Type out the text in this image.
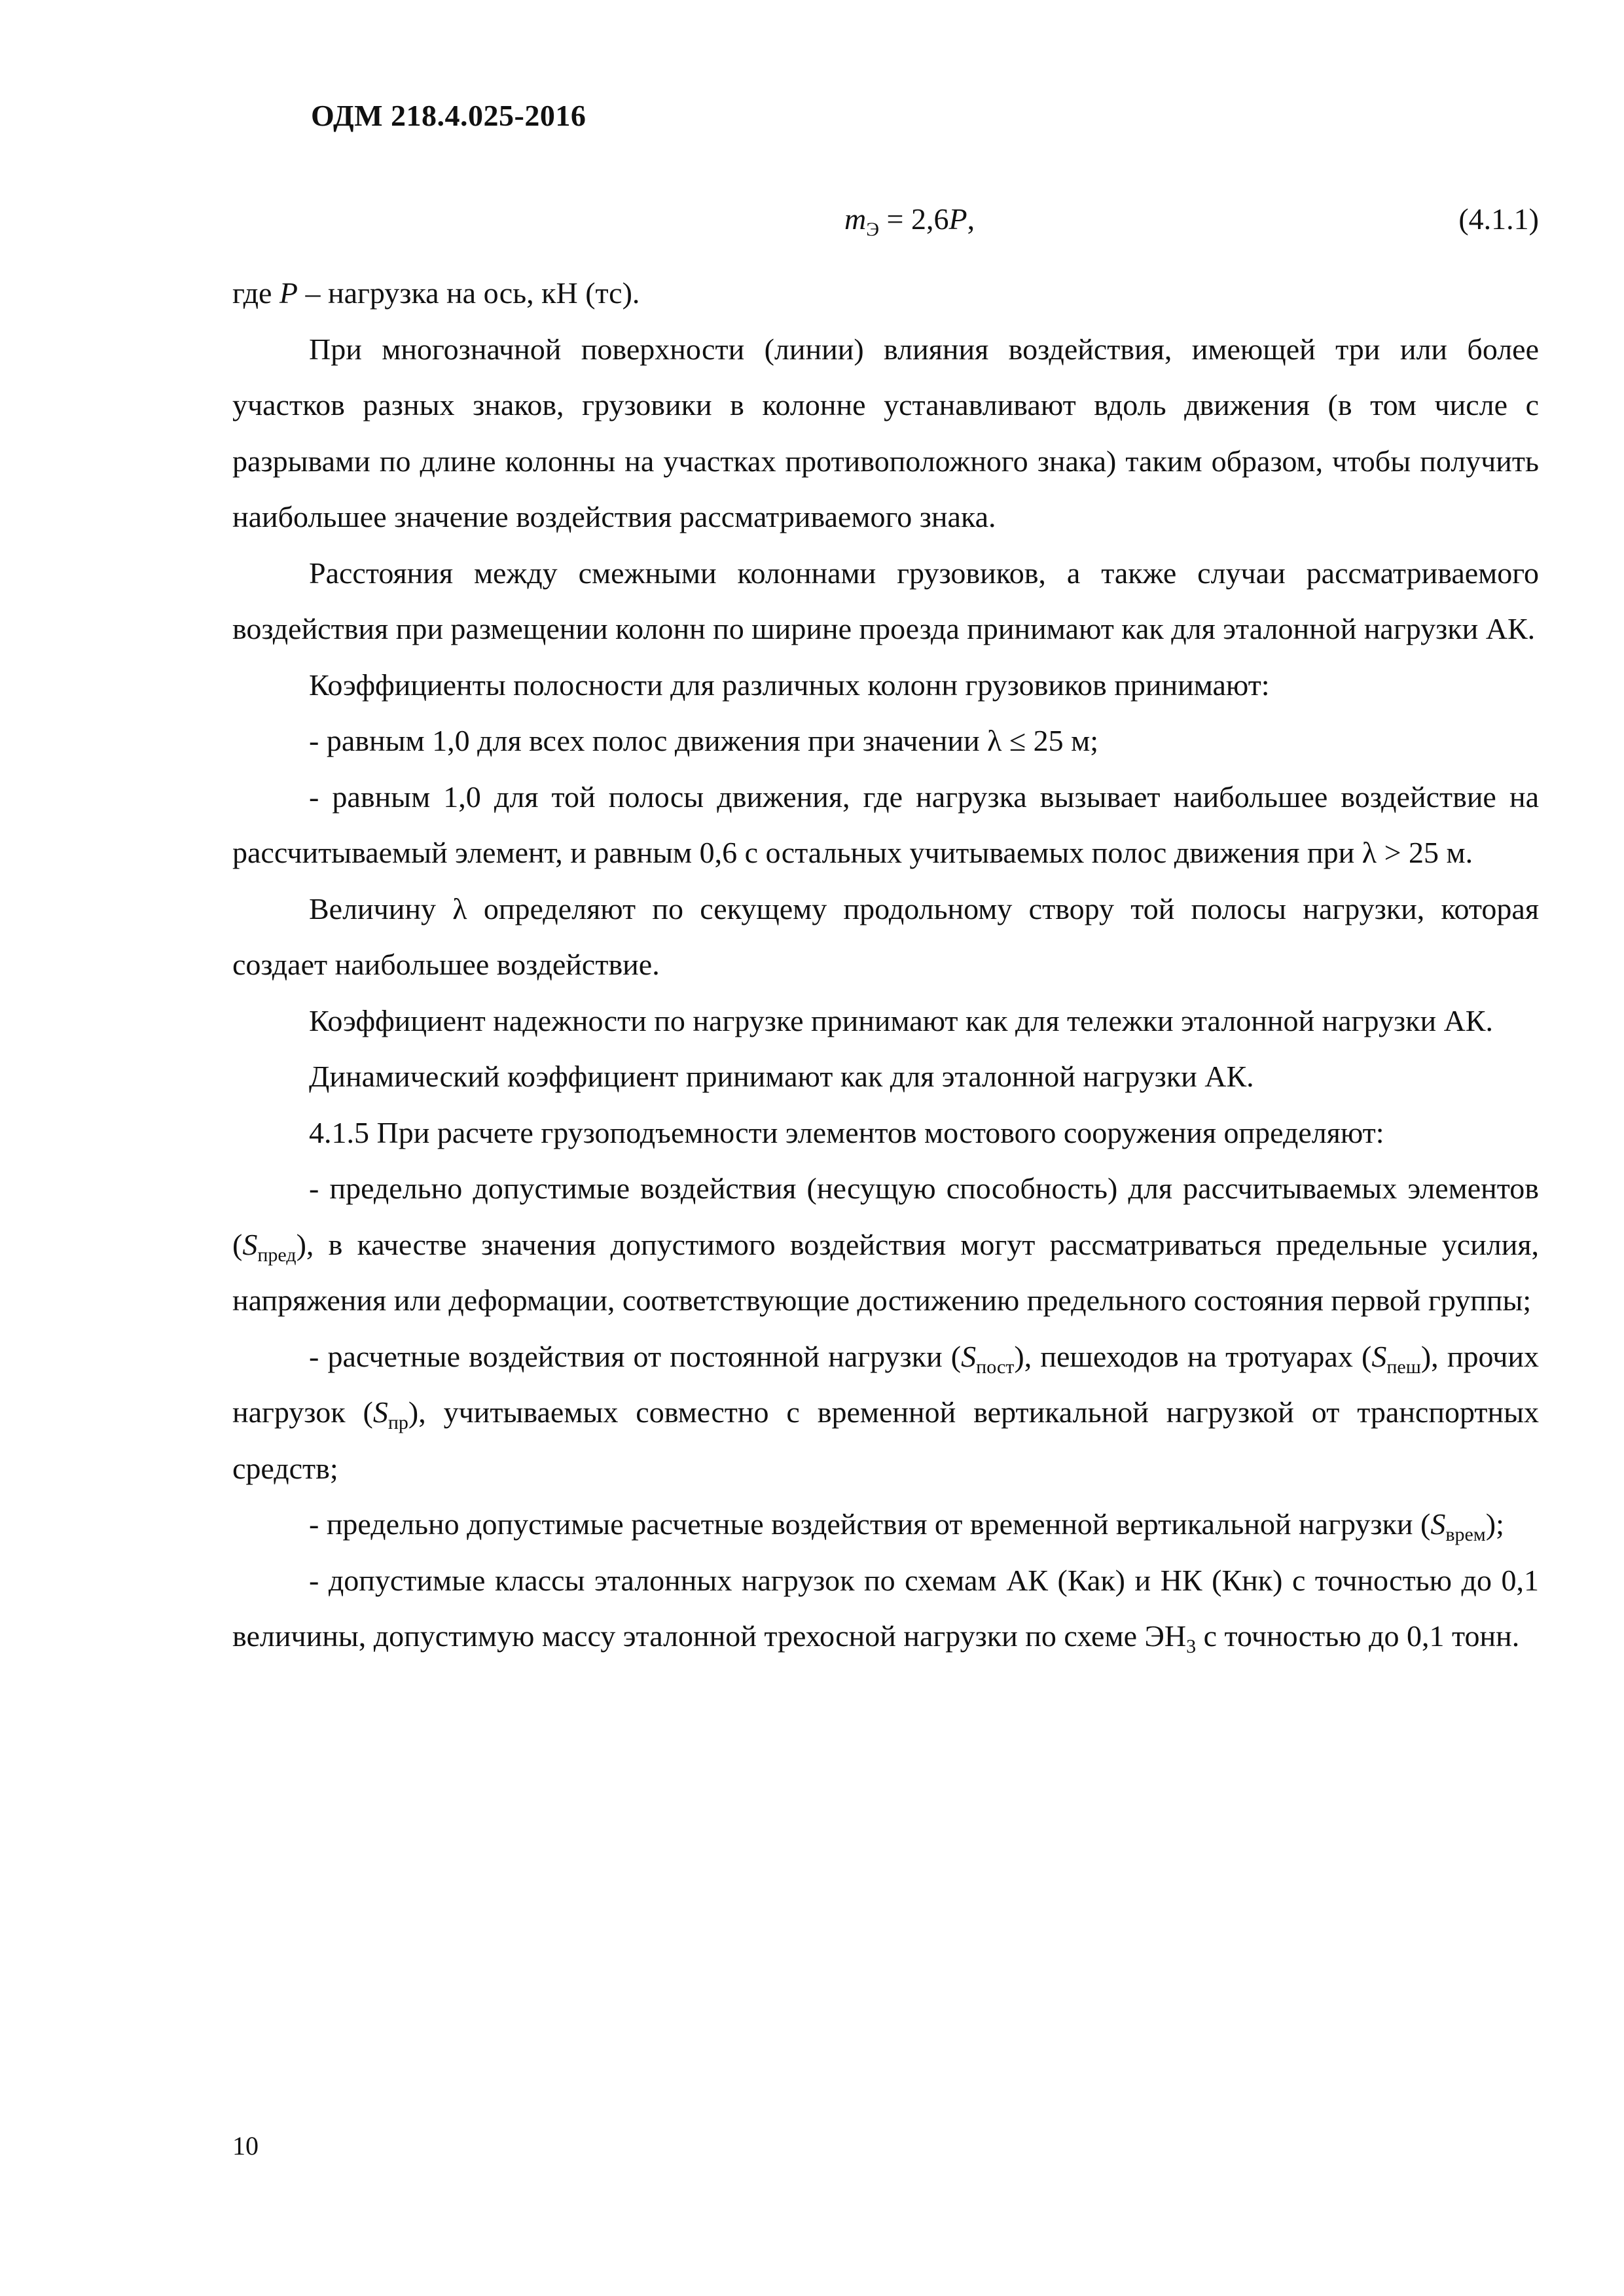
ОДМ 218.4.025-2016
$m_Э = 2,6P$,	(4.1.1)

где P – нагрузка на ось, кН (тс).

При многозначной поверхности (линии) влияния воздействия, имеющей три или более участков разных знаков, грузовики в колонне устанавливают вдоль движения (в том числе с разрывами по длине колонны на участках противоположного знака) таким образом, чтобы получить наибольшее значение воздействия рассматриваемого знака.

Расстояния между смежными колоннами грузовиков, а также случаи рассматриваемого воздействия при размещении колонн по ширине проезда принимают как для эталонной нагрузки АК.

Коэффициенты полосности для различных колонн грузовиков принимают:

- равным 1,0 для всех полос движения при значении λ ≤ 25 м;

- равным 1,0 для той полосы движения, где нагрузка вызывает наибольшее воздействие на рассчитываемый элемент, и равным 0,6 с остальных учитываемых полос движения при λ > 25 м.

Величину λ определяют по секущему продольному створу той полосы нагрузки, которая создает наибольшее воздействие.

Коэффициент надежности по нагрузке принимают как для тележки эталонной нагрузки АК.

Динамический коэффициент принимают как для эталонной нагрузки АК.

4.1.5 При расчете грузоподъемности элементов мостового сооружения определяют:

- предельно допустимые воздействия (несущую способность) для рассчитываемых элементов $(S_{пред})$, в качестве значения допустимого воздействия могут рассматриваться предельные усилия, напряжения или деформации, соответствующие достижению предельного состояния первой группы;

- расчетные воздействия от постоянной нагрузки $(S_{пост})$, пешеходов на тротуарах $(S_{пеш})$, прочих нагрузок $(S_{пр})$, учитываемых совместно с временной вертикальной нагрузкой от транспортных средств;

- предельно допустимые расчетные воздействия от временной вертикальной нагрузки $(S_{врем})$;

- допустимые классы эталонных нагрузок по схемам АК (Как) и НК (Кнк) с точностью до 0,1 величины, допустимую массу эталонной трехосной нагрузки по схеме $ЭН_3$ с точностью до 0,1 тонн.

10
